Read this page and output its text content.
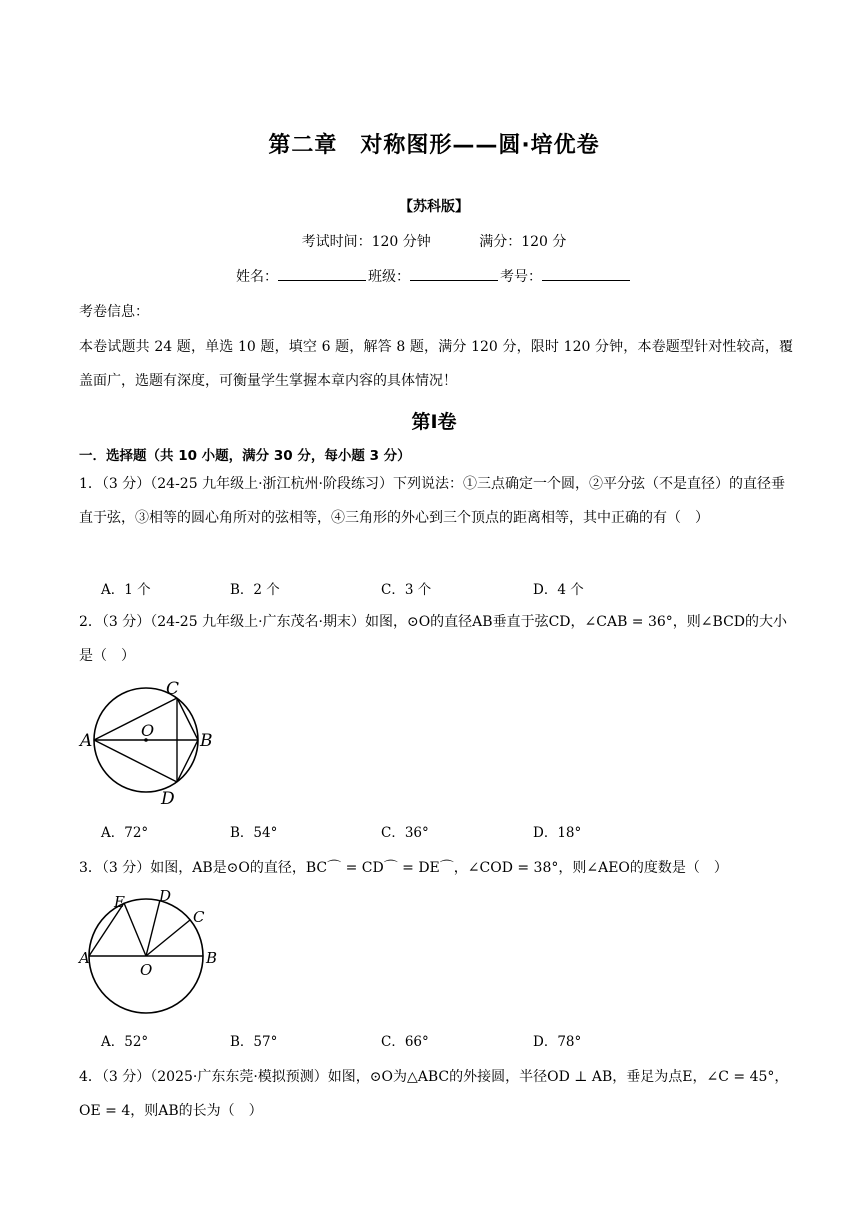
第二章　对称图形——圆·培优卷
【苏科版】
考试时间：120 分钟	满分：120 分
姓名：	班级：	考号：
考卷信息：
本卷试题共 24 题，单选 10 题，填空 6 题，解答 8 题，满分 120 分，限时 120 分钟，本卷题型针对性较高，覆盖面广，选题有深度，可衡量学生掌握本章内容的具体情况！
第Ⅰ卷
一．选择题（共 10 小题，满分 30 分，每小题 3 分）
1．（3 分）（24-25 九年级上·浙江杭州·阶段练习）下列说法：①三点确定一个圆，②平分弦（不是直径）的直径垂直于弦，③相等的圆心角所对的弦相等，④三角形的外心到三个顶点的距离相等，其中正确的有（　）
A．1 个	B．2 个	C．3 个	D．4 个
2．（3 分）（24-25 九年级上·广东茂名·期末）如图，⊙O的直径AB垂直于弦CD，∠CAB = 36°，则∠BCD的大小是（　）
A	B
C
D
O
A．72°	B．54°	C．36°	D．18°
3．（3 分）如图，AB是⊙O的直径，BC⌒ = CD⌒ = DE⌒，∠COD = 38°，则∠AEO的度数是（　）
A	B
C
D
E
O
A．52°	B．57°	C．66°	D．78°
4．（3 分）（2025·广东东莞·模拟预测）如图，⊙O为△ABC的外接圆，半径OD ⊥ AB，垂足为点E，∠C = 45°，OE = 4，则AB的长为（　）
